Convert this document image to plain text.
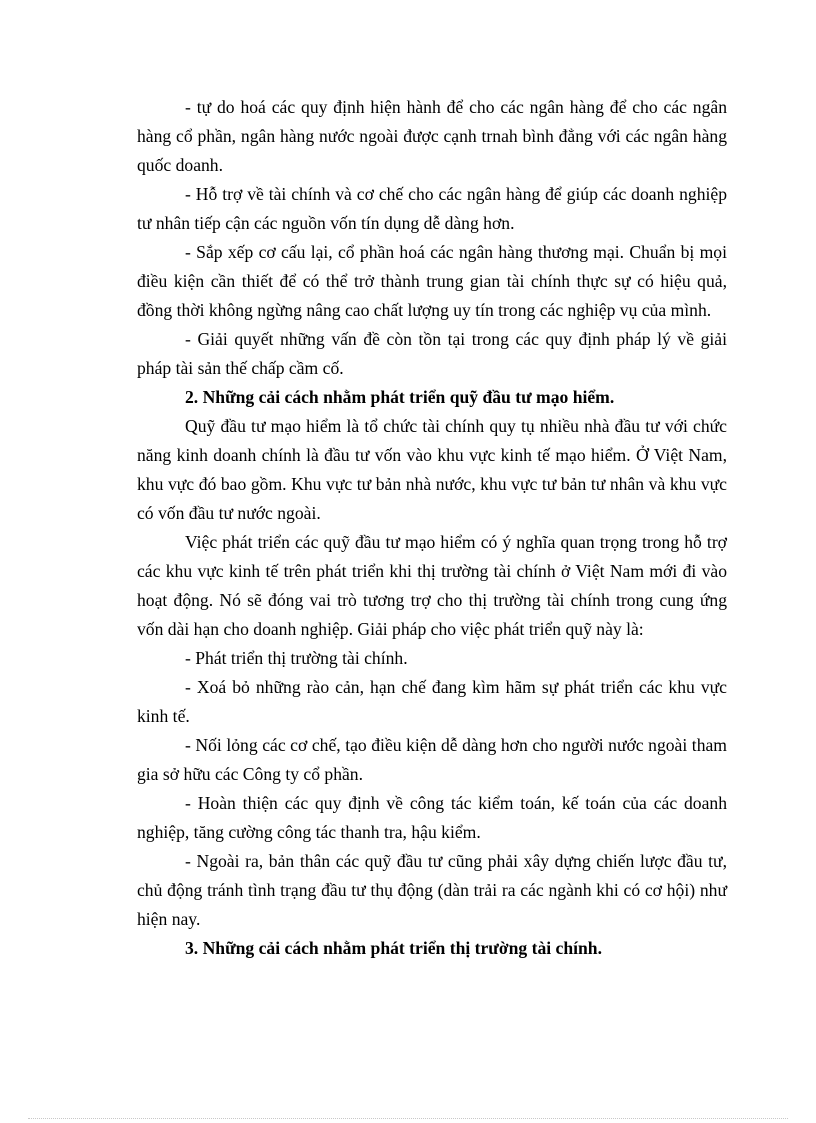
- tự do hoá các quy định hiện hành để cho các ngân hàng để cho các ngân hàng cổ phần, ngân hàng nước ngoài được cạnh trnah bình đẳng với các ngân hàng quốc doanh.

- Hỗ trợ về tài chính và cơ chế cho các ngân hàng để giúp các doanh nghiệp tư nhân tiếp cận các nguồn vốn tín dụng dễ dàng hơn.

- Sắp xếp cơ cấu lại, cổ phần hoá các ngân hàng thương mại. Chuẩn bị mọi điều kiện cần thiết để có thể trở thành trung gian tài chính thực sự có hiệu quả, đồng thời không ngừng nâng cao chất lượng uy tín trong các nghiệp vụ của mình.

- Giải quyết những vấn đề còn tồn tại trong các quy định pháp lý về giải pháp tài sản thế chấp cầm cố.

2. Những cải cách nhằm phát triển quỹ đầu tư mạo hiểm.

Quỹ đầu tư mạo hiểm là tổ chức tài chính quy tụ nhiều nhà đầu tư với chức năng kinh doanh chính là đầu tư vốn vào khu vực kinh tế mạo hiểm. Ở Việt Nam, khu vực đó bao gồm. Khu vực tư bản nhà nước, khu vực tư bản tư nhân và khu vực có vốn đầu tư nước ngoài.

Việc phát triển các quỹ đầu tư mạo hiểm có ý nghĩa quan trọng trong hỗ trợ các khu vực kinh tế trên phát triển khi thị trường tài chính ở Việt Nam mới đi vào hoạt động. Nó sẽ đóng vai trò tương trợ cho thị trường tài chính trong cung ứng vốn dài hạn cho doanh nghiệp. Giải pháp cho việc phát triển quỹ này là:

- Phát triển thị trường tài chính.

- Xoá bỏ những rào cản, hạn chế đang kìm hãm sự phát triển các khu vực kinh tế.

- Nối lỏng các cơ chế, tạo điều kiện dễ dàng hơn cho người nước ngoài tham gia sở hữu các Công ty cổ phần.

- Hoàn thiện các quy định về công tác kiểm toán, kế toán của các doanh nghiệp, tăng cường công tác thanh tra, hậu kiểm.

- Ngoài ra, bản thân các quỹ đầu tư cũng phải xây dựng chiến lược đầu tư, chủ động tránh tình trạng đầu tư thụ động (dàn trải ra các ngành khi có cơ hội) như hiện nay.

3. Những cải cách nhằm phát triển thị trường tài chính.
